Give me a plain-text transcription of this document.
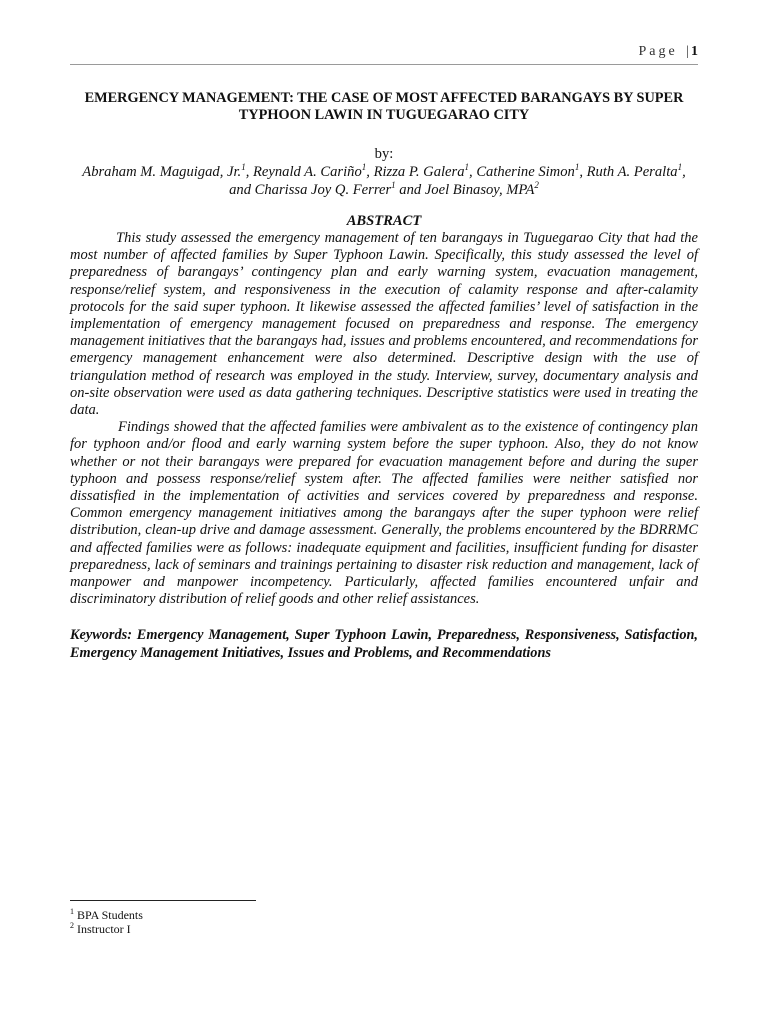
Page | 1
EMERGENCY MANAGEMENT: THE CASE OF MOST AFFECTED BARANGAYS BY SUPER TYPHOON LAWIN IN TUGUEGARAO CITY

by:

Abraham M. Maguigad, Jr.$^1$, Reynald A. Cariño$^1$, Rizza P. Galera$^1$, Catherine Simon$^1$, Ruth A. Peralta$^1$, and Charissa Joy Q. Ferrer$^1$ and Joel Binasoy, MPA$^2$

ABSTRACT

This study assessed the emergency management of ten barangays in Tuguegarao City that had the most number of affected families by Super Typhoon Lawin. Specifically, this study assessed the level of preparedness of barangays’ contingency plan and early warning system, evacuation management, response/relief system, and responsiveness in the execution of calamity response and after-calamity protocols for the said super typhoon. It likewise assessed the affected families’ level of satisfaction in the implementation of emergency management focused on preparedness and response. The emergency management initiatives that the barangays had, issues and problems encountered, and recommendations for emergency management enhancement were also determined. Descriptive design with the use of triangulation method of research was employed in the study. Interview, survey, documentary analysis and on-site observation were used as data gathering techniques. Descriptive statistics were used in treating the data.

Findings showed that the affected families were ambivalent as to the existence of contingency plan for typhoon and/or flood and early warning system before the super typhoon. Also, they do not know whether or not their barangays were prepared for evacuation management before and during the super typhoon and possess response/relief system after. The affected families were neither satisfied nor dissatisfied in the implementation of activities and services covered by preparedness and response. Common emergency management initiatives among the barangays after the super typhoon were relief distribution, clean-up drive and damage assessment. Generally, the problems encountered by the BDRRMC and affected families were as follows: inadequate equipment and facilities, insufficient funding for disaster preparedness, lack of seminars and trainings pertaining to disaster risk reduction and management, lack of manpower and manpower incompetency. Particularly, affected families encountered unfair and discriminatory distribution of relief goods and other relief assistances.

Keywords: Emergency Management, Super Typhoon Lawin, Preparedness, Responsiveness, Satisfaction, Emergency Management Initiatives, Issues and Problems, and Recommendations

$^1$ BPA Students

$^2$ Instructor I
